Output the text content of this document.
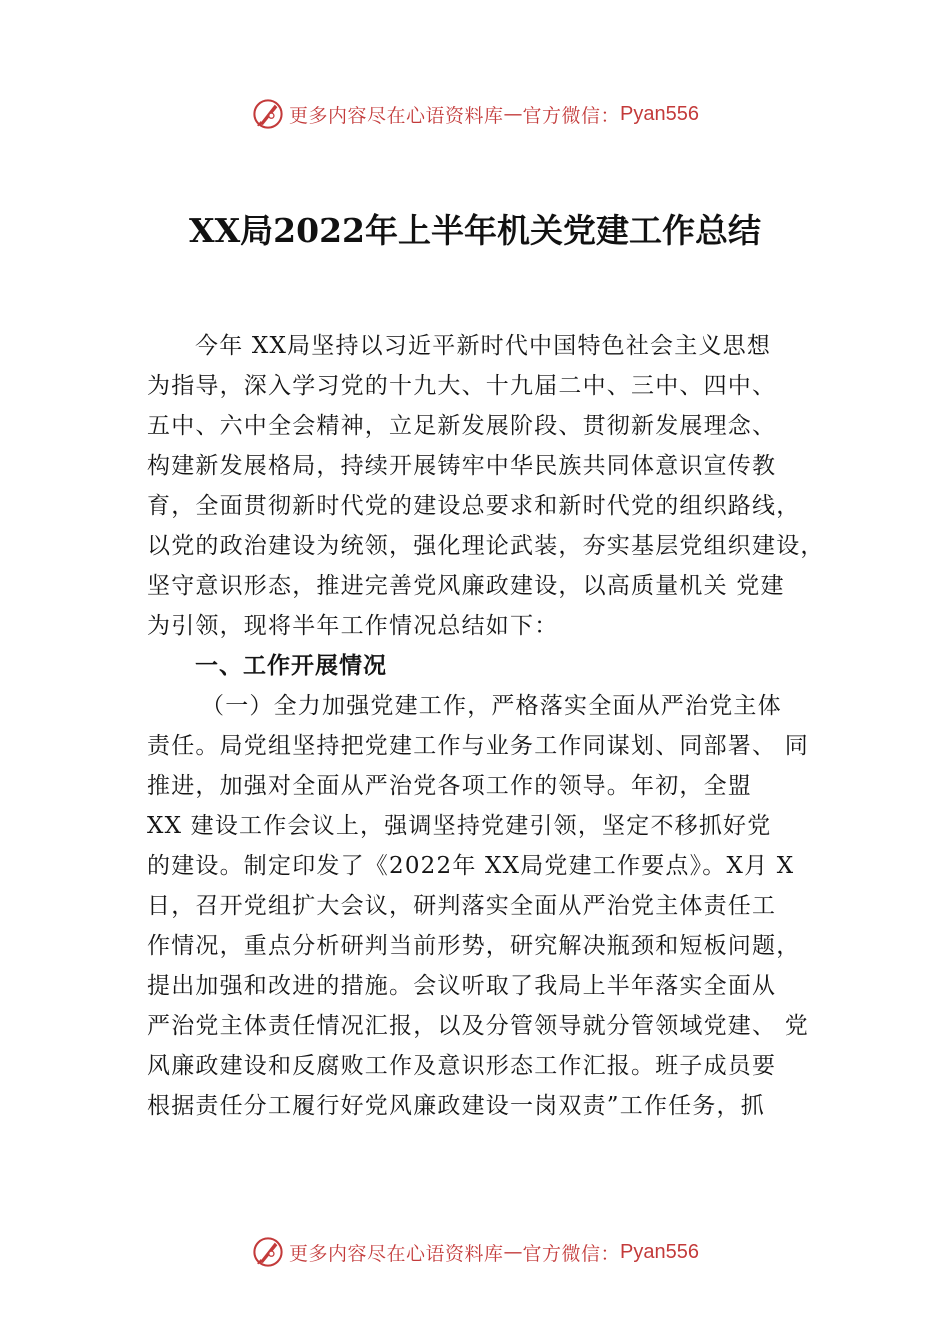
更多内容尽在心语资料库 — 官方微信： Pyan556
XX局2022年上半年机关党建工作总结
今年 XX局坚持以习近平新时代中国特色社会主义思想
为指导，深入学习党的十九大、十九届二中、三中、四中、
五中、六中全会精神，立足新发展阶段、贯彻新发展理念、
构建新发展格局，持续开展铸牢中华民族共同体意识宣传教
育，全面贯彻新时代党的建设总要求和新时代党的组织路线，
以党的政治建设为统领，强化理论武装，夯实基层党组织建设，
坚守意识形态，推进完善党风廉政建设，以高质量机关 党建
为引领，现将半年工作情况总结如下：
一、工作开展情况
（一）全力加强党建工作，严格落实全面从严治党主体
责任。局党组坚持把党建工作与业务工作同谋划、同部署、 同
推进，加强对全面从严治党各项工作的领导。年初，全盟
XX 建设工作会议上，强调坚持党建引领，坚定不移抓好党
的建设。制定印发了《2022年 XX局党建工作要点》。X月 X
日，召开党组扩大会议，研判落实全面从严治党主体责任工
作情况，重点分析研判当前形势，研究解决瓶颈和短板问题，
提出加强和改进的措施。会议听取了我局上半年落实全面从
严治党主体责任情况汇报，以及分管领导就分管领域党建、 党
风廉政建设和反腐败工作及意识形态工作汇报。班子成员要
根据责任分工履行好党风廉政建设一岗双责”工作任务，抓
更多内容尽在心语资料库 — 官方微信： Pyan556
